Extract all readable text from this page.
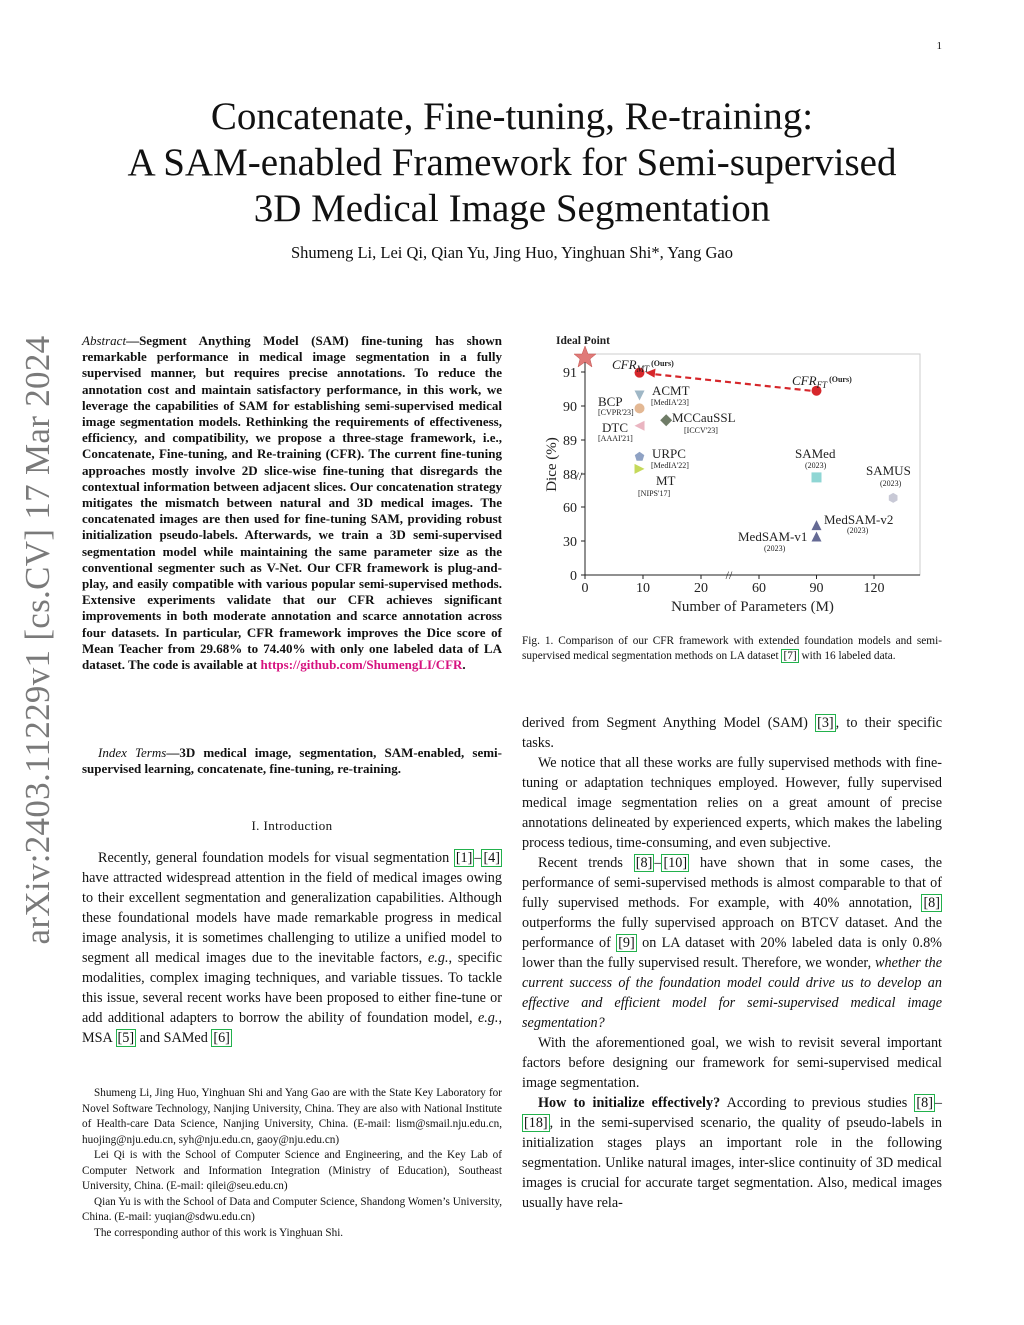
1
arXiv:2403.11229v1 [cs.CV] 17 Mar 2024
Concatenate, Fine-tuning, Re-training:
A SAM-enabled Framework for Semi-supervised
3D Medical Image Segmentation
Shumeng Li, Lei Qi, Qian Yu, Jing Huo, Yinghuan Shi*, Yang Gao
Abstract—Segment Anything Model (SAM) fine-tuning has shown remarkable performance in medical image segmentation in a fully supervised manner, but requires precise annotations. To reduce the annotation cost and maintain satisfactory performance, in this work, we leverage the capabilities of SAM for establishing semi-supervised medical image segmentation models. Rethinking the requirements of effectiveness, efficiency, and compatibility, we propose a three-stage framework, i.e., Concatenate, Fine-tuning, and Re-training (CFR). The current fine-tuning approaches mostly involve 2D slice-wise fine-tuning that disregards the contextual information between adjacent slices. Our concatenation strategy mitigates the mismatch between natural and 3D medical images. The concatenated images are then used for fine-tuning SAM, providing robust initialization pseudo-labels. Afterwards, we train a 3D semi-supervised segmentation model while maintaining the same parameter size as the conventional segmenter such as V-Net. Our CFR framework is plug-and-play, and easily compatible with various popular semi-supervised methods. Extensive experiments validate that our CFR achieves significant improvements in both moderate annotation and scarce annotation across four datasets. In particular, CFR framework improves the Dice score of Mean Teacher from 29.68% to 74.40% with only one labeled data of LA dataset. The code is available at https://github.com/ShumengLI/CFR.
Index Terms—3D medical image, segmentation, SAM-enabled, semi-supervised learning, concatenate, fine-tuning, re-training.
I. Introduction
Recently, general foundation models for visual segmentation [1] – [4] have attracted widespread attention in the field of medical images owing to their excellent segmentation and generalization capabilities. Although these foundational models have made remarkable progress in medical image analysis, it is sometimes challenging to utilize a unified model to segment all medical images due to the inevitable factors, e.g., specific modalities, complex imaging techniques, and variable tissues. To tackle this issue, several recent works have been proposed to either fine-tune or add additional adapters to borrow the ability of foundation model, e.g., MSA [5] and SAMed [6]

Shumeng Li, Jing Huo, Yinghuan Shi and Yang Gao are with the State Key Laboratory for Novel Software Technology, Nanjing University, China. They are also with National Institute of Health-care Data Science, Nanjing University, China. (E-mail: lism@smail.nju.edu.cn, huojing@nju.edu.cn, syh@nju.edu.cn, gaoy@nju.edu.cn)

Lei Qi is with the School of Computer Science and Engineering, and the Key Lab of Computer Network and Information Integration (Ministry of Education), Southeast University, China. (E-mail: qilei@seu.edu.cn)

Qian Yu is with the School of Data and Computer Science, Shandong Women’s University, China. (E-mail: yuqian@sdwu.edu.cn)

The corresponding author of this work is Yinghuan Shi.

//
//
0
30
60
88
89
90
91
0	10	20	60	90	120
Number of Parameters (M)
Dice (%)
Ideal Point
$CFR_{MT}$ $^{(Ours)}$
$CFR_{FT}$ $^{(Ours)}$
ACMT
[MedIA'23]
BCP
[CVPR'23]	MCCauSSL
[ICCV'23]
DTC
[AAAI'21]
URPC
[MedIA'22]
MT
[NIPS'17]
SAMed
(2023)	SAMUS
(2023)
MedSAM-v2
(2023)
MedSAM-v1
(2023)
Fig. 1. Comparison of our CFR framework with extended foundation models and semi-supervised medical segmentation methods on LA dataset [7] with 16 labeled data.

derived from Segment Anything Model (SAM) [3] , to their specific tasks.

We notice that all these works are fully supervised methods with fine-tuning or adaptation techniques employed. However, fully supervised medical image segmentation relies on a great amount of precise annotations delineated by experienced experts, which makes the labeling process tedious, time-consuming, and even subjective.

Recent trends [8] – [10] have shown that in some cases, the performance of semi-supervised methods is almost comparable to that of fully supervised methods. For example, with 40% annotation, [8] outperforms the fully supervised approach on BTCV dataset. And the performance of [9] on LA dataset with 20% labeled data is only 0.8% lower than the fully supervised result. Therefore, we wonder, whether the current success of the foundation model could drive us to develop an effective and efficient model for semi-supervised medical image segmentation?

With the aforementioned goal, we wish to revisit several important factors before designing our framework for semi-supervised medical image segmentation.

How to initialize effectively? According to previous studies [8] –[18] , in the semi-supervised scenario, the quality of pseudo-labels in initialization stages plays an important role in the following segmentation. Unlike natural images, inter-slice continuity of 3D medical images is crucial for accurate target segmentation. Also, medical images usually have rela-
